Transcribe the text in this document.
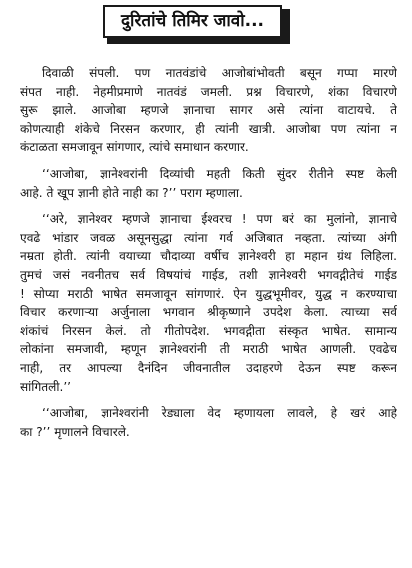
दुरितांचे तिमिर जावो...
दिवाळी संपली. पण नातवंडांचे आजोबांभोवती बसून गप्पा मारणे
संपत नाही. नेहमीप्रमाणे नातवंडं जमली. प्रश्न विचारणे, शंका विचारणे
सुरू झाले. आजोबा म्हणजे ज्ञानाचा सागर असे त्यांना वाटायचे. ते
कोणत्याही शंकेचे निरसन करणार, ही त्यांनी खात्री. आजोबा पण त्यांना न
कंटाळता समजावून सांगणार, त्यांचे समाधान करणार.
‘‘आजोबा, ज्ञानेश्वरांनी दिव्यांची महती किती सुंदर रीतीने स्पष्ट केली
आहे. ते खूप ज्ञानी होते नाही का ?’’ पराग म्हणाला.
‘‘अरे, ज्ञानेश्वर म्हणजे ज्ञानाचा ईश्वरच ! पण बरं का मुलांनो, ज्ञानाचे
एवढे भांडार जवळ असूनसुद्धा त्यांना गर्व अजिबात नव्हता. त्यांच्या अंगी
नम्रता होती. त्यांनी वयाच्या चौदाव्या वर्षीच ज्ञानेश्वरी हा महान ग्रंथ लिहिला.
तुमचं जसं नवनीतच सर्व विषयांचं गाईड, तशी ज्ञानेश्वरी भगवद्गीतेचं गाईड
! सोप्या मराठी भाषेत समजावून सांगणारं. ऐन युद्धभूमीवर, युद्ध न करण्याचा
विचार करणाऱ्या अर्जुनाला भगवान श्रीकृष्णाने उपदेश केला. त्याच्या सर्व
शंकांचं निरसन केलं. तो गीतोपदेश. भगवद्गीता संस्कृत भाषेत. सामान्य
लोकांना समजावी, म्हणून ज्ञानेश्वरांनी ती मराठी भाषेत आणली. एवढेच
नाही, तर आपल्या दैनंदिन जीवनातील उदाहरणे देऊन स्पष्ट करून
सांगितली.’’
‘‘आजोबा, ज्ञानेश्वरांनी रेड्याला वेद म्हणायला लावले, हे खरं आहे
का ?’’ मृणालने विचारले.
